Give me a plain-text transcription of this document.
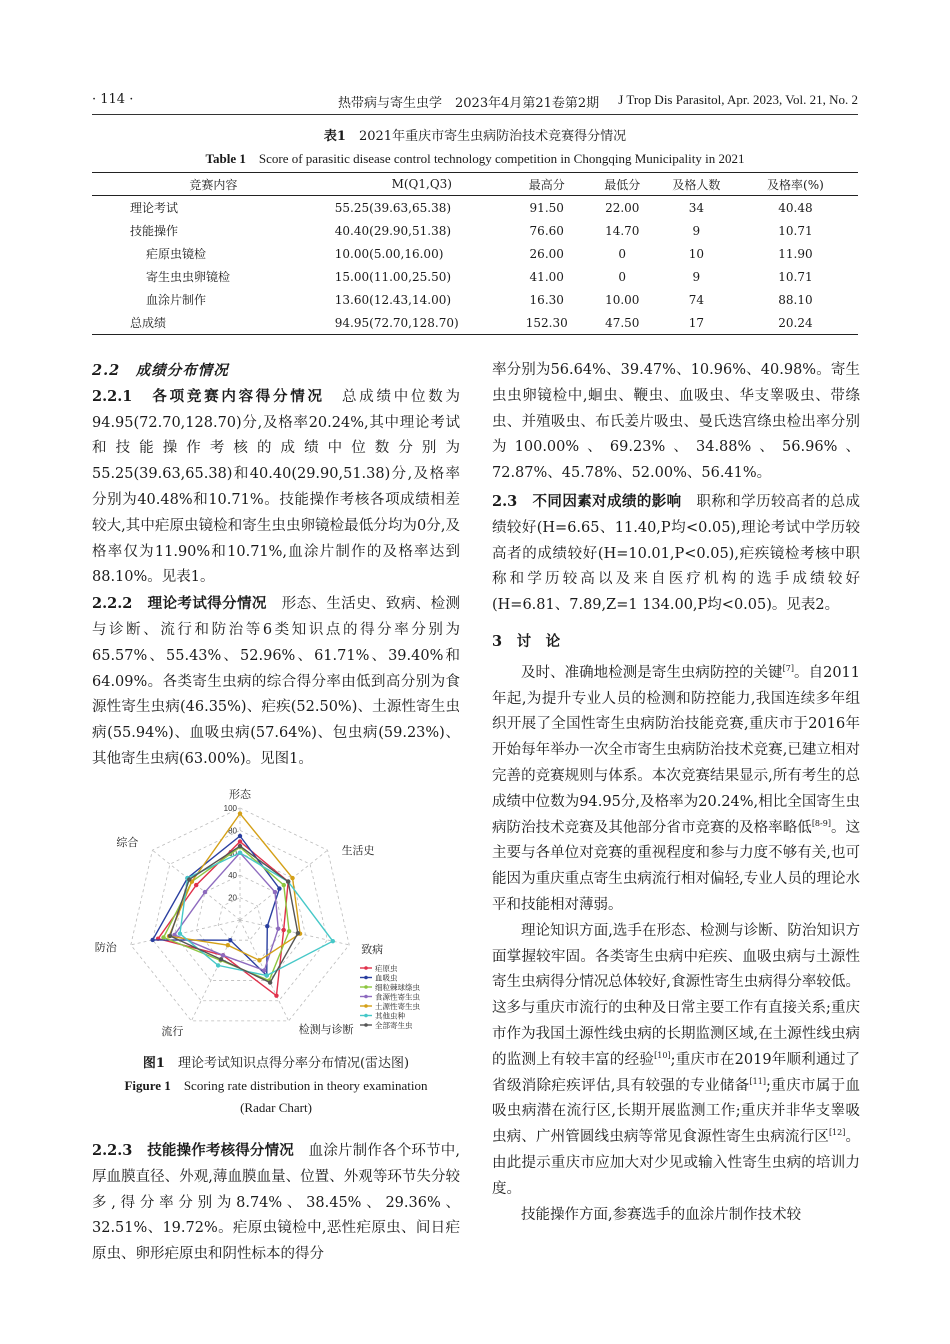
· 114 ·	热带病与寄生虫学　2023年4月第21卷第2期 J Trop Dis Parasitol, Apr. 2023, Vol. 21, No. 2
表1　 2021年重庆市寄生虫病防治技术竞赛得分情况
Table 1　 Score of parasitic disease control technology competition in Chongqing Municipality in 2021
竞赛内容	M(Q1,Q3)	最高分	最低分	及格人数	及格率(%)
理论考试	55.25(39.63,65.38)	91.50	22.00	34	40.48
技能操作	40.40(29.90,51.38)	76.60	14.70	9	10.71
疟原虫镜检	10.00(5.00,16.00)	26.00	0	10	11.90
寄生虫虫卵镜检	15.00(11.00,25.50)	41.00	0	9	10.71
血涂片制作	13.60(12.43,14.00)	16.30	10.00	74	88.10
总成绩	94.95(72.70,128.70)	152.30	47.50	17	20.24

2.2　成绩分布情况

2.2.1　各项竞赛内容得分情况　总成绩中位数为94.95(72.70,128.70)分,及格率20.24%,其中理论考试和技能操作考核的成绩中位数分别为55.25(39.63,65.38)和40.40(29.90,51.38)分,及格率分别为40.48%和10.71%。技能操作考核各项成绩相差较大,其中疟原虫镜检和寄生虫虫卵镜检最低分均为0分,及格率仅为11.90%和10.71%,血涂片制作的及格率达到88.10%。见表1。

2.2.2　理论考试得分情况　形态、生活史、致病、检测与诊断、流行和防治等6类知识点的得分率分别为65.57%、55.43%、52.96%、61.71%、39.40%和64.09%。各类寄生虫病的综合得分率由低到高分别为食源性寄生虫病(46.35%)、疟疾(52.50%)、土源性寄生虫病(55.94%)、血吸虫病(57.64%)、包虫病(59.23%)、其他寄生虫病(63.00%)。见图1。

20
40
60
80
100
形态
生活史
致病
检测与诊断
流行
防治
综合
疟原虫
血吸虫
细粒棘球绦虫
食源性寄生虫
土源性寄生虫
其他虫种
全部寄生虫
图1　 理论考试知识点得分率分布情况(雷达图)
Figure 1　 Scoring rate distribution in theory examination
(Radar Chart)

2.2.3　技能操作考核得分情况　血涂片制作各个环节中,厚血膜直径、外观,薄血膜血量、位置、外观等环节失分较多,得分率分别为8.74%、38.45%、29.36%、32.51%、19.72%。疟原虫镜检中,恶性疟原虫、间日疟原虫、卵形疟原虫和阴性标本的得分

率分别为56.64%、39.47%、10.96%、40.98%。寄生虫虫卵镜检中,蛔虫、鞭虫、血吸虫、华支睾吸虫、带绦虫、并殖吸虫、布氏姜片吸虫、曼氏迭宫绦虫检出率分别为100.00%、69.23%、34.88%、56.96%、72.87%、45.78%、52.00%、56.41%。

2.3　不同因素对成绩的影响　职称和学历较高者的总成绩较好(H=6.65、11.40,P均<0.05),理论考试中学历较高者的成绩较好(H=10.01,P<0.05),疟疾镜检考核中职称和学历较高以及来自医疗机构的选手成绩较好(H=6.81、7.89,Z=1 134.00,P均<0.05)。见表2。

3　讨　论

及时、准确地检测是寄生虫病防控的关键[7]。自2011年起,为提升专业人员的检测和防控能力,我国连续多年组织开展了全国性寄生虫病防治技能竞赛,重庆市于2016年开始每年举办一次全市寄生虫病防治技术竞赛,已建立相对完善的竞赛规则与体系。本次竞赛结果显示,所有考生的总成绩中位数为94.95分,及格率为20.24%,相比全国寄生虫病防治技术竞赛及其他部分省市竞赛的及格率略低[8-9]。这主要与各单位对竞赛的重视程度和参与力度不够有关,也可能因为重庆重点寄生虫病流行相对偏轻,专业人员的理论水平和技能相对薄弱。

理论知识方面,选手在形态、检测与诊断、防治知识方面掌握较牢固。各类寄生虫病中疟疾、血吸虫病与土源性寄生虫病得分情况总体较好,食源性寄生虫病得分率较低。这多与重庆市流行的虫种及日常主要工作有直接关系;重庆市作为我国土源性线虫病的长期监测区域,在土源性线虫病的监测上有较丰富的经验[10];重庆市在2019年顺利通过了省级消除疟疾评估,具有较强的专业储备[11];重庆市属于血吸虫病潜在流行区,长期开展监测工作;重庆并非华支睾吸虫病、广州管圆线虫病等常见食源性寄生虫病流行区[12]。由此提示重庆市应加大对少见或输入性寄生虫病的培训力度。

技能操作方面,参赛选手的血涂片制作技术较
